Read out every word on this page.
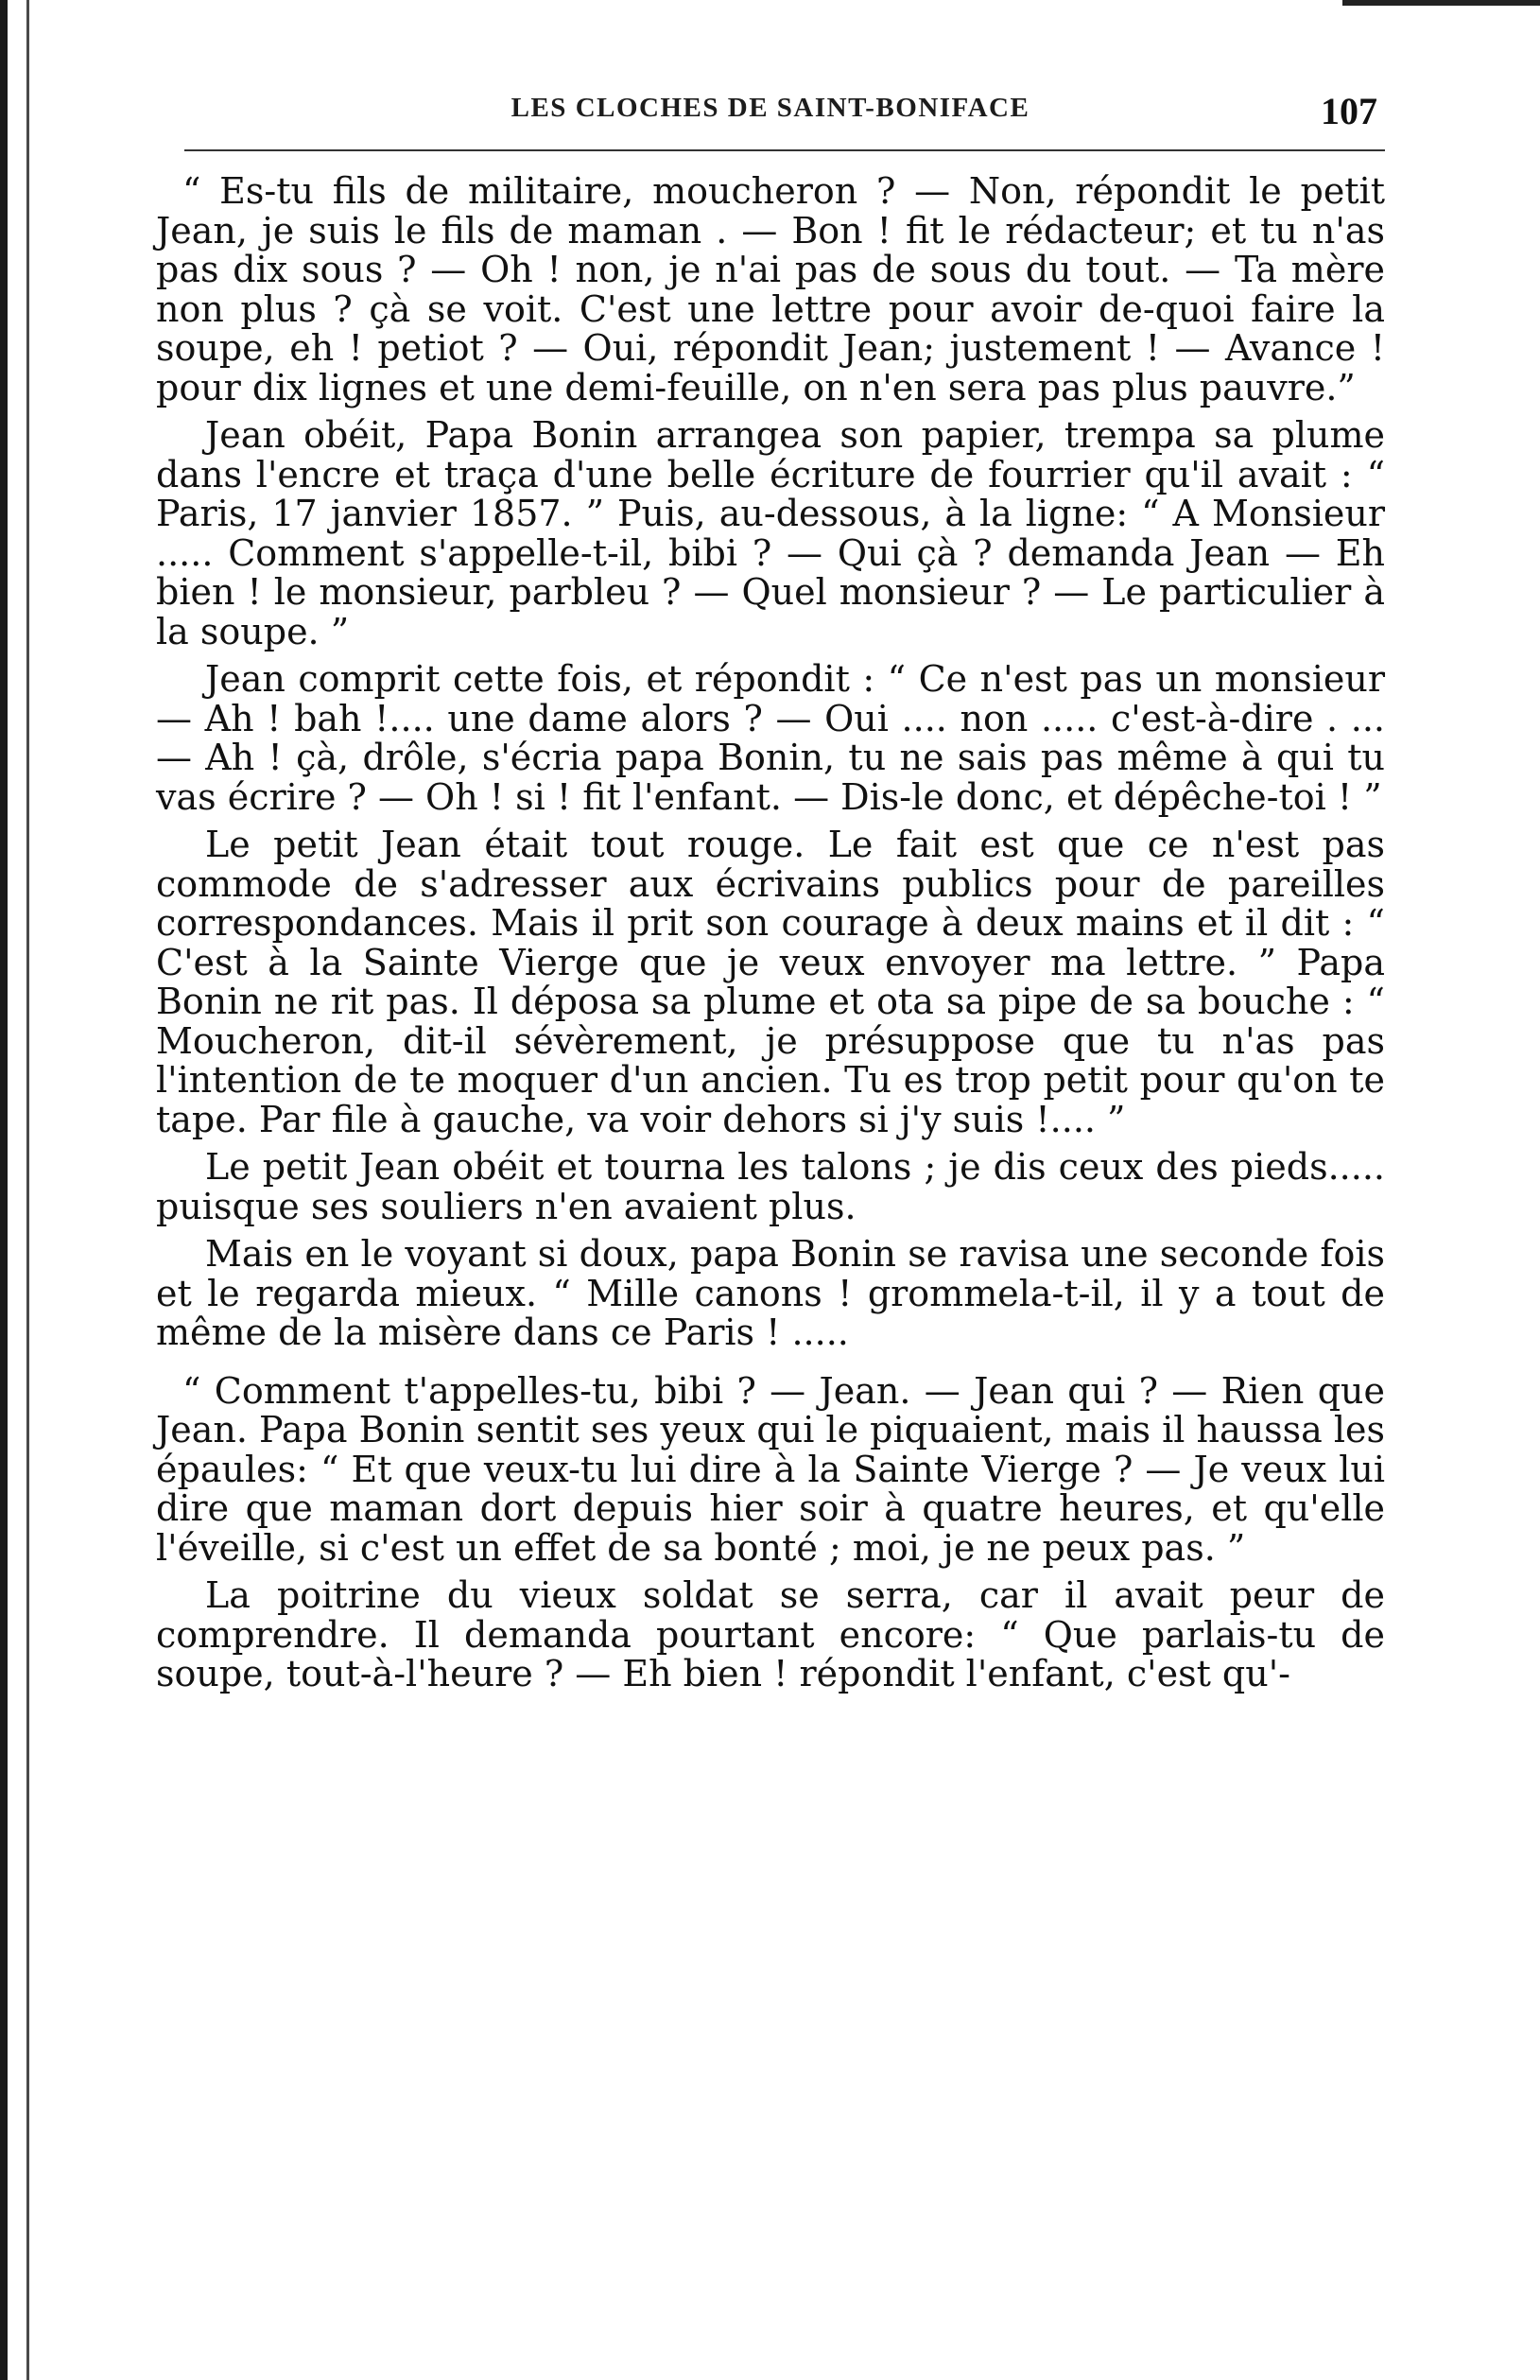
LES CLOCHES DE SAINT-BONIFACE	107

“ Es-tu fils de militaire, moucheron ? — Non, répondit le petit Jean, je suis le fils de maman . — Bon ! fit le rédacteur; et tu n'as pas dix sous ? — Oh ! non, je n'ai pas de sous du tout. — Ta mère non plus ? çà se voit. C'est une lettre pour avoir de-quoi faire la soupe, eh ! petiot ? — Oui, répondit Jean; justement ! — Avance ! pour dix lignes et une demi-feuille, on n'en sera pas plus pauvre.”

Jean obéit, Papa Bonin arrangea son papier, trempa sa plume dans l'encre et traça d'une belle écriture de fourrier qu'il avait : “ Paris, 17 janvier 1857. ” Puis, au-dessous, à la ligne: “ A Monsieur ..... Comment s'appelle-t-il, bibi ? — Qui çà ? demanda Jean — Eh bien ! le monsieur, parbleu ? — Quel monsieur ? — Le particulier à la soupe. ”

Jean comprit cette fois, et répondit : “ Ce n'est pas un monsieur — Ah ! bah !.... une dame alors ? — Oui .... non ..... c'est-à-dire . ... — Ah ! çà, drôle, s'écria papa Bonin, tu ne sais pas même à qui tu vas écrire ? — Oh ! si ! fit l'enfant. — Dis-le donc, et dépêche-toi ! ”

Le petit Jean était tout rouge. Le fait est que ce n'est pas commode de s'adresser aux écrivains publics pour de pareilles correspondances. Mais il prit son courage à deux mains et il dit : “ C'est à la Sainte Vierge que je veux envoyer ma lettre. ” Papa Bonin ne rit pas. Il déposa sa plume et ota sa pipe de sa bouche : “ Moucheron, dit-il sévèrement, je présuppose que tu n'as pas l'intention de te moquer d'un ancien. Tu es trop petit pour qu'on te tape. Par file à gauche, va voir dehors si j'y suis !.... ”

Le petit Jean obéit et tourna les talons ; je dis ceux des pieds..... puisque ses souliers n'en avaient plus.

Mais en le voyant si doux, papa Bonin se ravisa une seconde fois et le regarda mieux. “ Mille canons ! grommela-t-il, il y a tout de même de la misère dans ce Paris ! .....

“ Comment t'appelles-tu, bibi ? — Jean. — Jean qui ? — Rien que Jean. Papa Bonin sentit ses yeux qui le piquaient, mais il haussa les épaules: “ Et que veux-tu lui dire à la Sainte Vierge ? — Je veux lui dire que maman dort depuis hier soir à quatre heures, et qu'elle l'éveille, si c'est un effet de sa bonté ; moi, je ne peux pas. ”

La poitrine du vieux soldat se serra, car il avait peur de comprendre. Il demanda pourtant encore: “ Que parlais-tu de soupe, tout-à-l'heure ? — Eh bien ! répondit l'enfant, c'est qu'-
